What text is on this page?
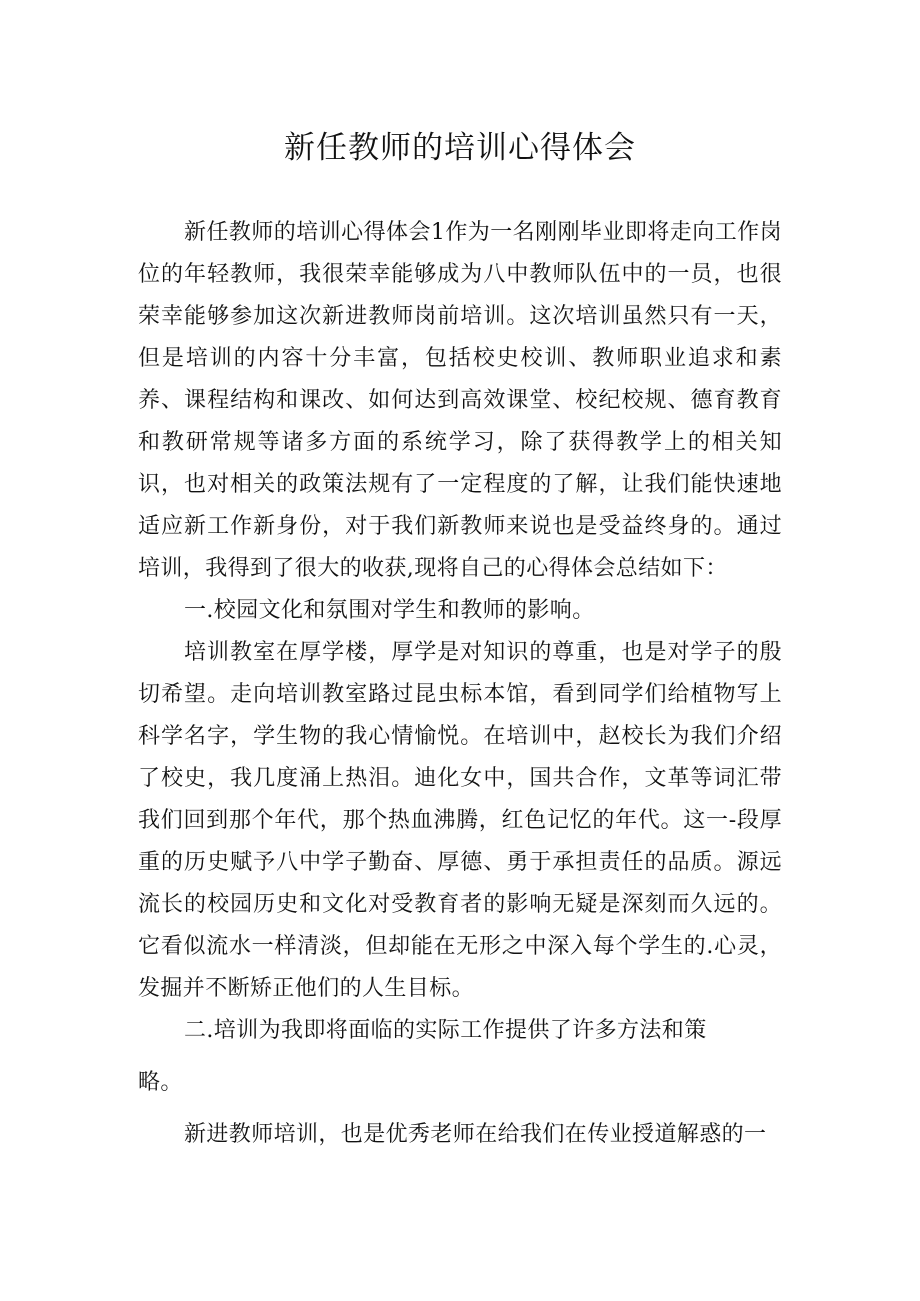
新任教师的培训心得体会

新任教师的培训心得体会1作为一名刚刚毕业即将走向工作岗位的年轻教师，我很荣幸能够成为八中教师队伍中的一员，也很荣幸能够参加这次新进教师岗前培训。这次培训虽然只有一天，但是培训的内容十分丰富，包括校史校训、教师职业追求和素养、课程结构和课改、如何达到高效课堂、校纪校规、德育教育和教研常规等诸多方面的系统学习，除了获得教学上的相关知识，也对相关的政策法规有了一定程度的了解，让我们能快速地适应新工作新身份，对于我们新教师来说也是受益终身的。通过培训，我得到了很大的收获,现将自己的心得体会总结如下：

一.校园文化和氛围对学生和教师的影响。

培训教室在厚学楼，厚学是对知识的尊重，也是对学子的殷切希望。走向培训教室路过昆虫标本馆，看到同学们给植物写上科学名字，学生物的我心情愉悦。在培训中，赵校长为我们介绍了校史，我几度涌上热泪。迪化女中，国共合作，文革等词汇带我们回到那个年代，那个热血沸腾，红色记忆的年代。这一-段厚重的历史赋予八中学子勤奋、厚德、勇于承担责任的品质。源远流长的校园历史和文化对受教育者的影响无疑是深刻而久远的。它看似流水一样清淡，但却能在无形之中深入每个学生的.心灵，发掘并不断矫正他们的人生目标。

二.培训为我即将面临的实际工作提供了许多方法和策

略。

新进教师培训，也是优秀老师在给我们在传业授道解惑的一
